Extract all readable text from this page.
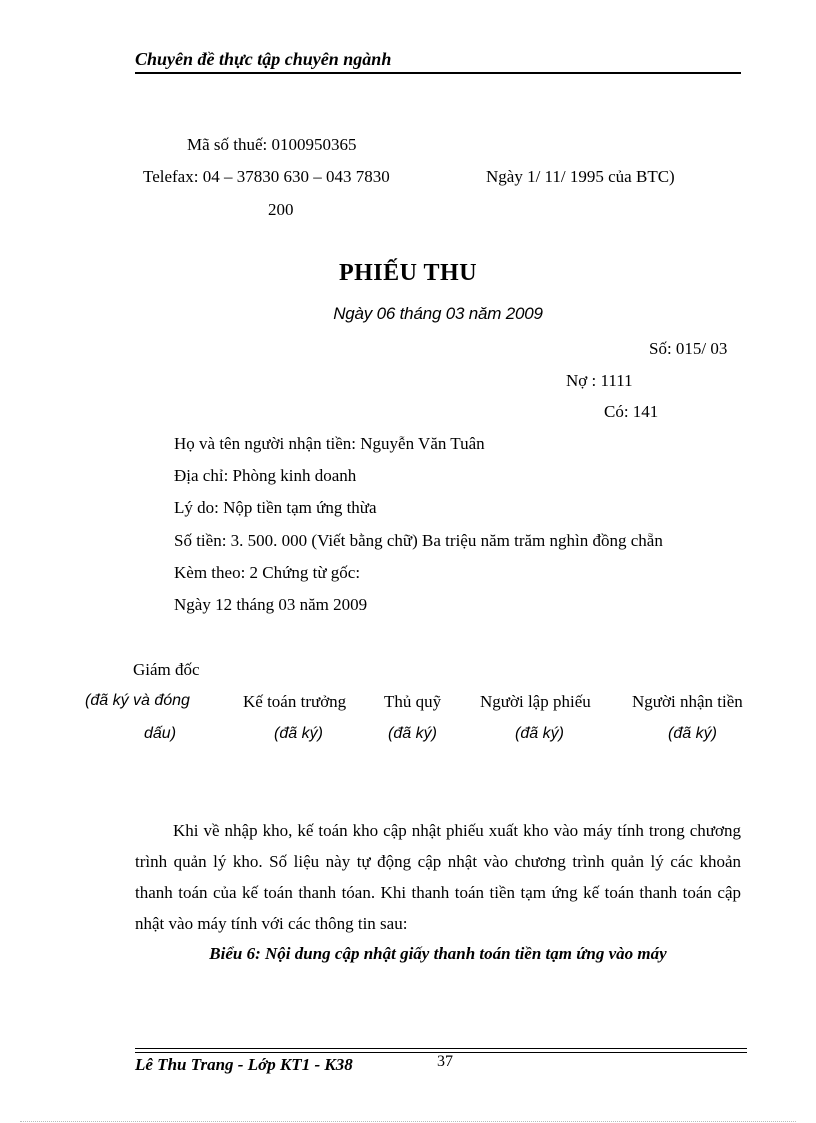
Chuyên đề thực tập chuyên ngành
Mã số thuế: 0100950365
Telefax: 04 – 37830 630 – 043 7830	Ngày 1/ 11/ 1995 của BTC)
200
PHIẾU THU
Ngày 06 tháng 03 năm 2009
Số: 015/ 03
Nợ : 1111
Có: 141
Họ và tên người nhận tiền: Nguyễn Văn Tuân
Địa chỉ: Phòng kinh doanh
Lý do: Nộp tiền tạm ứng thừa
Số tiền: 3. 500. 000 (Viết bằng chữ) Ba triệu năm trăm nghìn đồng chẵn
Kèm theo: 2 Chứng từ gốc:
Ngày 12 tháng 03 năm 2009
Giám đốc
(đã ký và đóng
dấu)
Kế toán trưởng
(đã ký)
Thủ quỹ
(đã ký)
Người lập phiếu
(đã ký)
Người nhận tiền
(đã ký)
Khi về nhập kho, kế toán kho cập nhật phiếu xuất kho vào máy tính trong chương trình quản lý kho. Số liệu này tự động cập nhật vào chương trình quản lý các khoản thanh toán của kế toán thanh tóan. Khi thanh toán tiền tạm ứng kế toán thanh toán cập nhật vào máy tính với các thông tin sau:
Biểu 6: Nội dung cập nhật giấy thanh toán tiền tạm ứng vào máy
Lê Thu Trang - Lớp KT1 - K38	37
